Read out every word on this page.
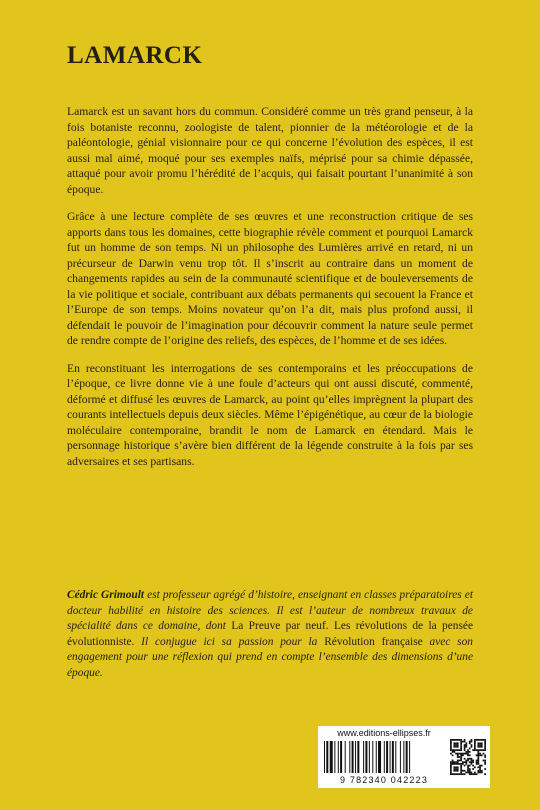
LAMARCK

Lamarck est un savant hors du commun. Considéré comme un très grand penseur, à la fois botaniste reconnu, zoologiste de talent, pionnier de la météorologie et de la paléontologie, génial visionnaire pour ce qui concerne l’évolution des espèces, il est aussi mal aimé, moqué pour ses exemples naïfs, méprisé pour sa chimie dépassée, attaqué pour avoir promu l’hérédité de l’acquis, qui faisait pourtant l’unanimité à son époque.

Grâce à une lecture complète de ses œuvres et une reconstruction critique de ses apports dans tous les domaines, cette biographie révèle comment et pourquoi Lamarck fut un homme de son temps. Ni un philosophe des Lumières arrivé en retard, ni un précurseur de Darwin venu trop tôt. Il s’inscrit au contraire dans un moment de changements rapides au sein de la communauté scientifique et de bouleversements de la vie politique et sociale, contribuant aux débats permanents qui secouent la France et l’Europe de son temps. Moins novateur qu’on l’a dit, mais plus profond aussi, il défendait le pouvoir de l’imagination pour découvrir comment la nature seule permet de rendre compte de l’origine des reliefs, des espèces, de l’homme et de ses idées.

En reconstituant les interrogations de ses contemporains et les préoccupations de l’époque, ce livre donne vie à une foule d’acteurs qui ont aussi discuté, commenté, déformé et diffusé les œuvres de Lamarck, au point qu’elles imprègnent la plupart des courants intellectuels depuis deux siècles. Même l’épigénétique, au cœur de la biologie moléculaire contemporaine, brandit le nom de Lamarck en étendard. Mais le personnage historique s’avère bien différent de la légende construite à la fois par ses adversaires et ses partisans.

Cédric Grimoult est professeur agrégé d’histoire, enseignant en classes préparatoires et docteur habilité en histoire des sciences. Il est l’auteur de nombreux travaux de spécialité dans ce domaine, dont La Preuve par neuf. Les révolutions de la pensée évolutionniste. Il conjugue ici sa passion pour la Révolution française avec son engagement pour une réflexion qui prend en compte l’ensemble des dimensions d’une époque.
www.editions-ellipses.fr
9 782340 042223
